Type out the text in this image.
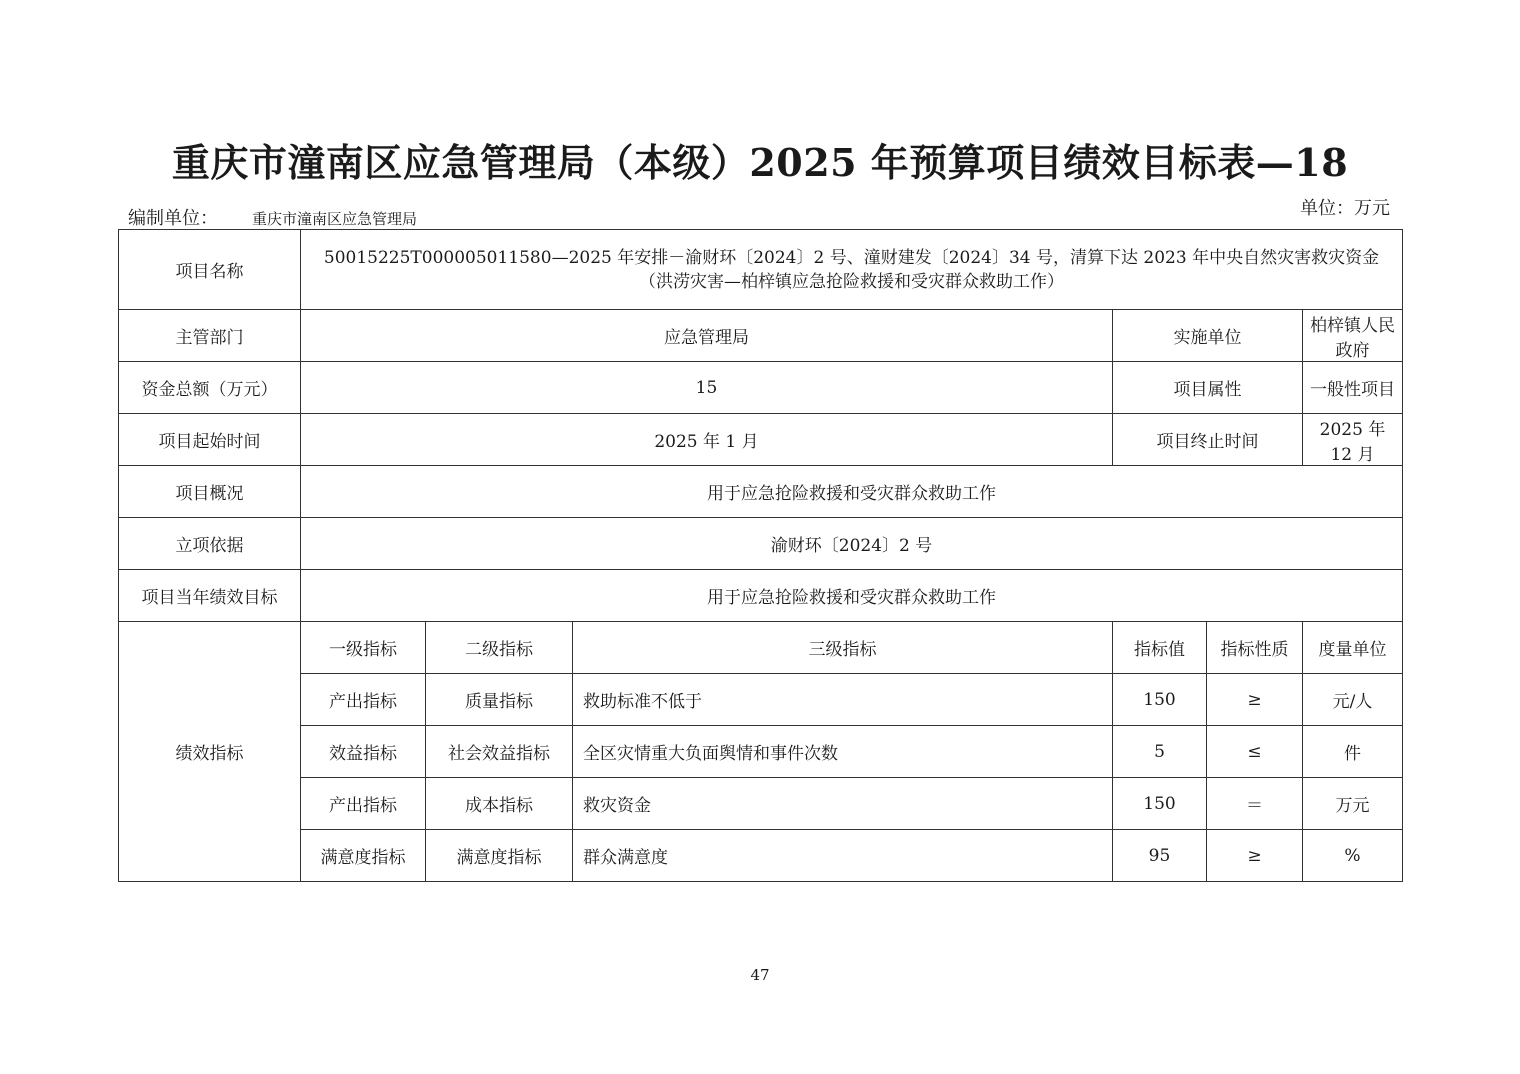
重庆市潼南区应急管理局（本级）2025 年预算项目绩效目标表—18
编制单位： 重庆市潼南区应急管理局	单位：万元
项目名称	50015225T000005011580—2025 年安排－渝财环〔2024〕2 号、潼财建发〔2024〕34 号，清算下达 2023 年中央自然灾害救灾资金
（洪涝灾害—柏梓镇应急抢险救援和受灾群众救助工作）					

主管部门	应急管理局			实施单位		柏梓镇人民政府
资金总额（万元）	15			项目属性		一般性项目
项目起始时间	2025 年 1 月			项目终止时间		2025 年 12 月
项目概况	用于应急抢险救援和受灾群众救助工作					
立项依据	渝财环〔2024〕2 号					
项目当年绩效目标	用于应急抢险救援和受灾群众救助工作					
绩效指标	一级指标	二级指标	三级指标	指标值	指标性质	度量单位
	产出指标	质量指标	救助标准不低于	150	≥	元/人
	效益指标	社会效益指标	全区灾情重大负面舆情和事件次数	5	≤	件
	产出指标	成本指标	救灾资金	150	＝	万元
	满意度指标	满意度指标	群众满意度	95	≥	%
47
